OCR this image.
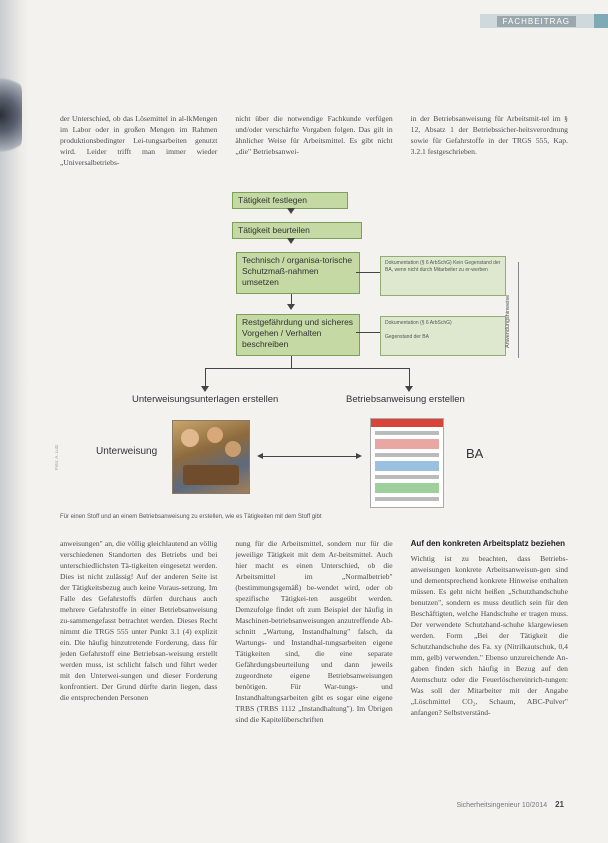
FACHBEITRAG
der Unterschied, ob das Lösemittel in al-lkMengen im Labor oder in großen Mengen im Rahmen produktionsbedingter Lei-tungsarbeiten genutzt wird. Leider trifft man immer wieder „Universalbetriebs-
nicht über die notwendige Fachkunde verfügen und/oder verschärfte Vorgaben folgen. Das gilt in ähnlicher Weise für Arbeitsmittel. Es gibt nicht „die" Betriebsanwei-
in der Betriebsanweisung für Arbeitsmit-tel im § 12, Absatz 1 der Betriebssicher-heitsverordnung sowie für Gefahrstoffe in der TRGS 555, Kap. 3.2.1 festgeschrieben.
Tätigkeit festlegen
Tätigkeit beurteilen
Technisch / organisa-torische Schutzmaß-nahmen umsetzen
Restgefährdung und sicheres Vorgehen / Verhalten beschreiben
Dokumentation (§ 6 ArbSchG) Kein Gegenstand der BA, wenn nicht durch Mitarbeiter zu er-werben
Dokumentation (§ 6 ArbSchG)

Gegenstand der BA	Anwendungshinweise
Unterweisungsunterlagen erstellen	Betriebsanweisung erstellen
Unterweisung	BA
Foto: A. Lutz
Für einen Stoff und an einem Betriebsanweisung zu erstellen, wie es Tätigkeiten mit dem Stoff gibt
anweisungen" an, die völlig gleichlautend an völlig verschiedenen Standorten des Betriebs und bei unterschiedlichsten Tä-tigkeiten eingesetzt werden. Dies ist nicht zulässig! Auf der anderen Seite ist der Tätigkeitsbezug auch keine Voraus-setzung. Im Falle des Gefahrstoffs dürfen durchaus auch mehrere Gefahrstoffe in einer Betriebsanweisung zu-sammengefasst betrachtet werden. Dieses Recht nimmt die TRGS 555 unter Punkt 3.1 (4) explizit ein. Die häufig hinzutretende Forderung, dass für jeden Gefahrstoff eine Betriebsan-weisung erstellt werden muss, ist schlicht falsch und führt weder mit den Unterwei-sungen und dieser Forderung konfrontiert. Der Grund dürfte darin liegen, dass die entsprechenden Personen
nung für die Arbeitsmittel, sondern nur für die jeweilige Tätigkeit mit dem Ar-beitsmittel. Auch hier macht es einen Unterschied, ob die Arbeitsmittel im „Normalbetrieb" (bestimmungsgemäß) be-wendet wird, oder ob spezifische Tätigkei-ten ausgeübt werden. Demzufolge findet oft zum Beispiel der häufig in Maschinen-betriebsanweisungen anzutreffende Ab-schnitt „Wartung, Instandhaltung" falsch, da Wartungs- und Instandhal-tungsarbeiten eigene Tätigkeiten sind, die eine separate Gefährdungsbeurteilung und dann jeweils zugeordnete eigene Betriebsanweisungen benötigen. Für War-tungs- und Instandhaltungsarbeiten gibt es sogar eine eigene TRBS (TRBS 1112 „Instandhaltung"). Im Übrigen sind die Kapitelüberschriften
Auf den konkreten Arbeitsplatz beziehen
Wichtig ist zu beachten, dass Betriebs-anweisungen konkrete Arbeitsanweisun-gen sind und dementsprechend konkrete Hinweise enthalten müssen. Es geht nicht heißen „Schutzhandschuhe benutzen", sondern es muss deutlich sein für den Beschäftigten, welche Handschuhe er tragen muss. Der verwendete Schutzhand-schuhe klargewiesen werden. Form „Bei der Tätigkeit die Schutzhandschuhe des Fa. xy (Nitrilkautschuk, 0,4 mm, gelb) verwenden." Ebenso unzureichende An-gaben finden sich häufig in Bezug auf den Atemschutz oder die Feuerlöschereinrich-tungen: Was soll der Mitarbeiter mit der Angabe „Löschmittel CO₂, Schaum, ABC-Pulver" anfangen? Selbstverständ-
Sicherheitsingenieur 10/2014 21
